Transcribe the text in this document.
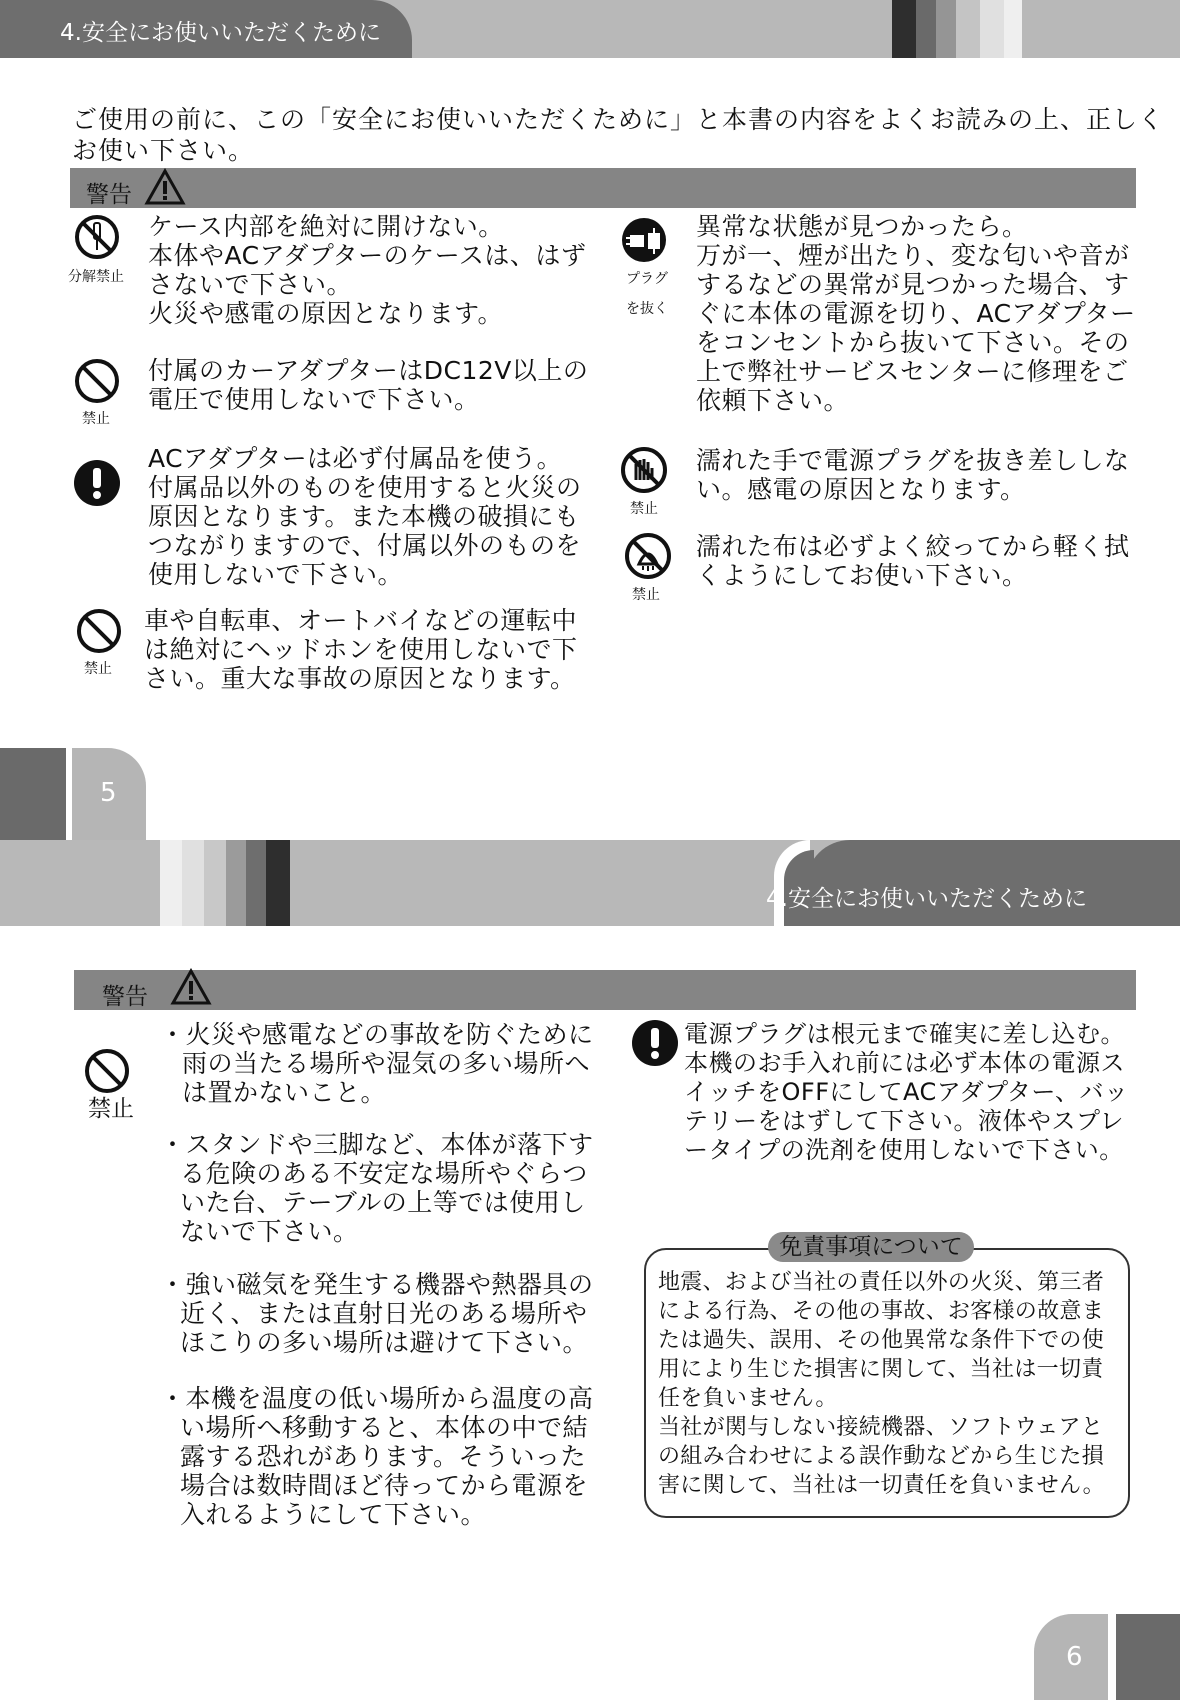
4.安全にお使いいただくために
ご使用の前に、この「安全にお使いいただくために」と本書の内容をよくお読みの上、正しく
お使い下さい。
警告
分解禁止
ケース内部を絶対に開けない。
本体やACアダプターのケースは、はず
さないで下さい。
火災や感電の原因となります。
禁止
付属のカーアダプターはDC12V以上の
電圧で使用しないで下さい。
ACアダプターは必ず付属品を使う。
付属品以外のものを使用すると火災の
原因となります。また本機の破損にも
つながりますので、付属以外のものを
使用しないで下さい。
禁止
車や自転車、オートバイなどの運転中
は絶対にヘッドホンを使用しないで下
さい。重大な事故の原因となります。
プラグ
を抜く
異常な状態が見つかったら。
万が一、煙が出たり、変な匂いや音が
するなどの異常が見つかった場合、す
ぐに本体の電源を切り、ACアダプター
をコンセントから抜いて下さい。その
上で弊社サービスセンターに修理をご
依頼下さい。
禁止
濡れた手で電源プラグを抜き差ししな
い。感電の原因となります。
禁止
濡れた布は必ずよく絞ってから軽く拭
くようにしてお使い下さい。
5
4.安全にお使いいただくために
警告
禁止
・火災や感電などの事故を防ぐために
雨の当たる場所や湿気の多い場所へ
は置かないこと。
・スタンドや三脚など、本体が落下す
る危険のある不安定な場所やぐらつ
いた台、テーブルの上等では使用し
ないで下さい。
・強い磁気を発生する機器や熱器具の
近く、または直射日光のある場所や
ほこりの多い場所は避けて下さい。
・本機を温度の低い場所から温度の高
い場所へ移動すると、本体の中で結
露する恐れがあります。そういった
場合は数時間ほど待ってから電源を
入れるようにして下さい。
電源プラグは根元まで確実に差し込む。
本機のお手入れ前には必ず本体の電源ス
イッチをOFFにしてACアダプター、バッ
テリーをはずして下さい。液体やスプレ
ータイプの洗剤を使用しないで下さい。
免責事項について
地震、および当社の責任以外の火災、第三者
による行為、その他の事故、お客様の故意ま
たは過失、誤用、その他異常な条件下での使
用により生じた損害に関して、当社は一切責
任を負いません。
当社が関与しない接続機器、ソフトウェアと
の組み合わせによる誤作動などから生じた損
害に関して、当社は一切責任を負いません。
6
